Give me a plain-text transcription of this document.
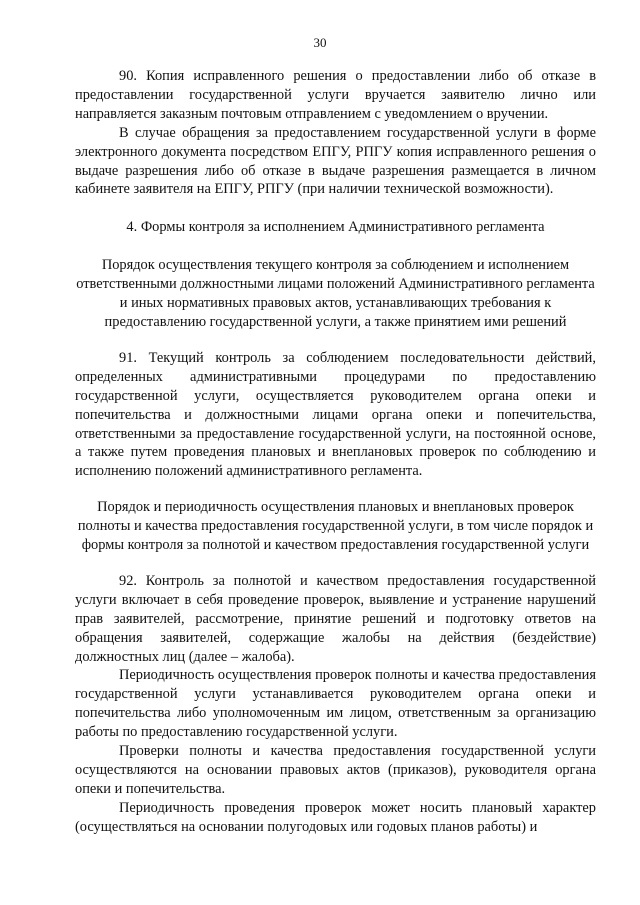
30

90. Копия исправленного решения о предоставлении либо об отказе в предоставлении государственной услуги вручается заявителю лично или направляется заказным почтовым отправлением с уведомлением о вручении.

В случае обращения за предоставлением государственной услуги в форме электронного документа посредством ЕПГУ, РПГУ копия исправленного решения о выдаче разрешения либо об отказе в выдаче разрешения размещается в личном кабинете заявителя на ЕПГУ, РПГУ (при наличии технической возможности).

4. Формы контроля за исполнением Административного регламента

Порядок осуществления текущего контроля за соблюдением и исполнением ответственными должностными лицами положений Административного регламента и иных нормативных правовых актов, устанавливающих требования к предоставлению государственной услуги, а также принятием ими решений

91. Текущий контроль за соблюдением последовательности действий, определенных административными процедурами по предоставлению государственной услуги, осуществляется руководителем органа опеки и попечительства и должностными лицами органа опеки и попечительства, ответственными за предоставление государственной услуги, на постоянной основе, а также путем проведения плановых и внеплановых проверок по соблюдению и исполнению положений административного регламента.

Порядок и периодичность осуществления плановых и внеплановых проверок полноты и качества предоставления государственной услуги, в том числе порядок и формы контроля за полнотой и качеством предоставления государственной услуги

92. Контроль за полнотой и качеством предоставления государственной услуги включает в себя проведение проверок, выявление и устранение нарушений прав заявителей, рассмотрение, принятие решений и подготовку ответов на обращения заявителей, содержащие жалобы на действия (бездействие) должностных лиц (далее – жалоба).

Периодичность осуществления проверок полноты и качества предоставления государственной услуги устанавливается руководителем органа опеки и попечительства либо уполномоченным им лицом, ответственным за организацию работы по предоставлению государственной услуги.

Проверки полноты и качества предоставления государственной услуги осуществляются на основании правовых актов (приказов), руководителя органа опеки и попечительства.

Периодичность проведения проверок может носить плановый характер (осуществляться на основании полугодовых или годовых планов работы) и
